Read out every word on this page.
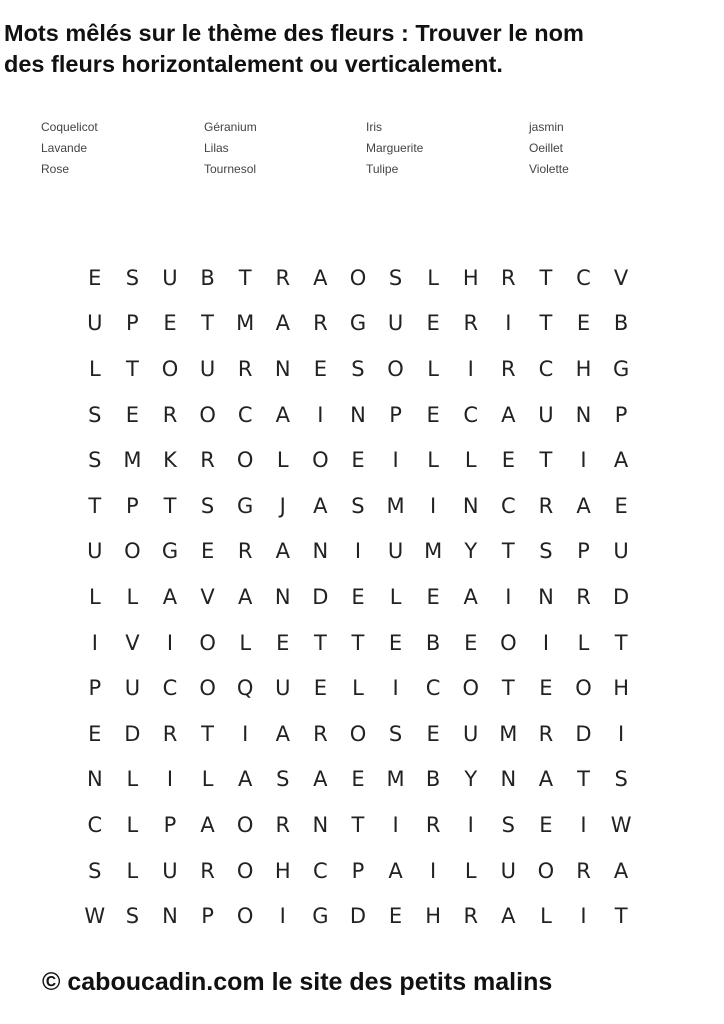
Mots mêlés sur le thème des fleurs : Trouver le nom
des fleurs horizontalement ou verticalement.
Coquelicot	Géranium	Iris	jasmin
Lavande	Lilas	Marguerite	Oeillet
Rose	Tournesol	Tulipe	Violette
E	S	U	B	T	R	A	O	S	L	H	R	T	C	V
U	P	E	T	M	A	R	G	U	E	R	I	T	E	B
L	T	O	U	R	N	E	S	O	L	I	R	C	H	G
S	E	R	O	C	A	I	N	P	E	C	A	U	N	P
S	M	K	R	O	L	O	E	I	L	L	E	T	I	A
T	P	T	S	G	J	A	S	M	I	N	C	R	A	E
U	O	G	E	R	A	N	I	U M	Y	T	S	P	U
L	L	A	V	A	N	D	E	L	E	A	I	N	R	D
I	V	I	O	L	E	T	T	E	B	E	O	I	L	T
P	U	C	O	Q	U	E	L	I	C	O	T	E	O	H
E	D	R	T	I	A	R	O	S	E	U M	R	D	I
N	L	I	L	A	S	A	E	M	B	Y	N	A	T	S
C	L	P	A	O	R	N	T	I	R	I	S	E	I	W
S	L	U	R	O	H	C	P	A	I	L	U	O	R	A
W S	N	P	O	I	G	D	E	H	R	A	L	I	T
© caboucadin.com le site des petits malins
